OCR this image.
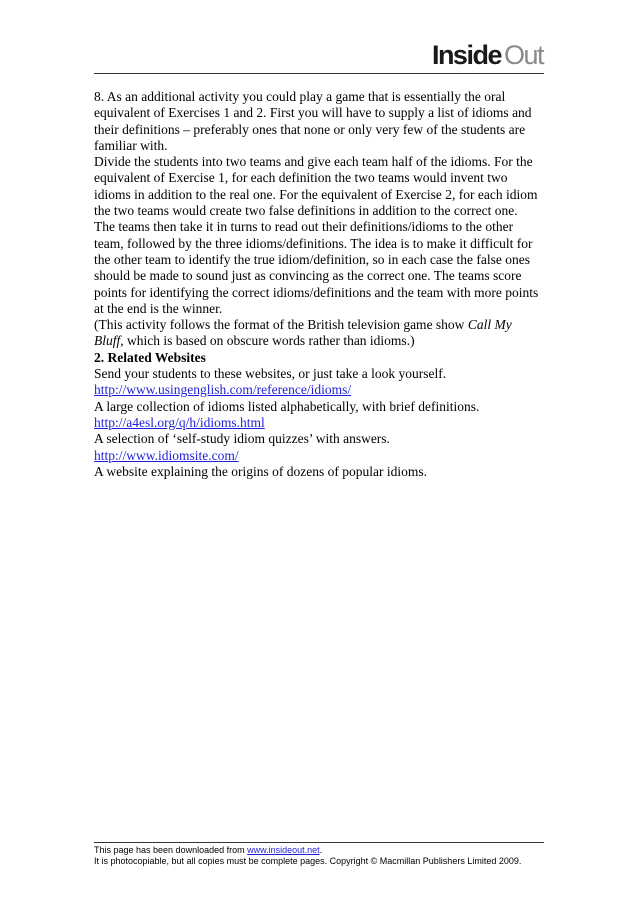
Inside Out

8. As an additional activity you could play a game that is essentially the oral equivalent of Exercises 1 and 2. First you will have to supply a list of idioms and their definitions – preferably ones that none or only very few of the students are familiar with.

Divide the students into two teams and give each team half of the idioms. For the equivalent of Exercise 1, for each definition the two teams would invent two idioms in addition to the real one. For the equivalent of Exercise 2, for each idiom the two teams would create two false definitions in addition to the correct one.

The teams then take it in turns to read out their definitions/idioms to the other team, followed by the three idioms/definitions. The idea is to make it difficult for the other team to identify the true idiom/definition, so in each case the false ones should be made to sound just as convincing as the correct one. The teams score points for identifying the correct idioms/definitions and the team with more points at the end is the winner.

(This activity follows the format of the British television game show Call My Bluff, which is based on obscure words rather than idioms.)

2. Related Websites

Send your students to these websites, or just take a look yourself.

http://www.usingenglish.com/reference/idioms/

A large collection of idioms listed alphabetically, with brief definitions.

http://a4esl.org/q/h/idioms.html

A selection of ‘self-study idiom quizzes’ with answers.

http://www.idiomsite.com/

A website explaining the origins of dozens of popular idioms.

This page has been downloaded from www.insideout.net.
It is photocopiable, but all copies must be complete pages. Copyright © Macmillan Publishers Limited 2009.
